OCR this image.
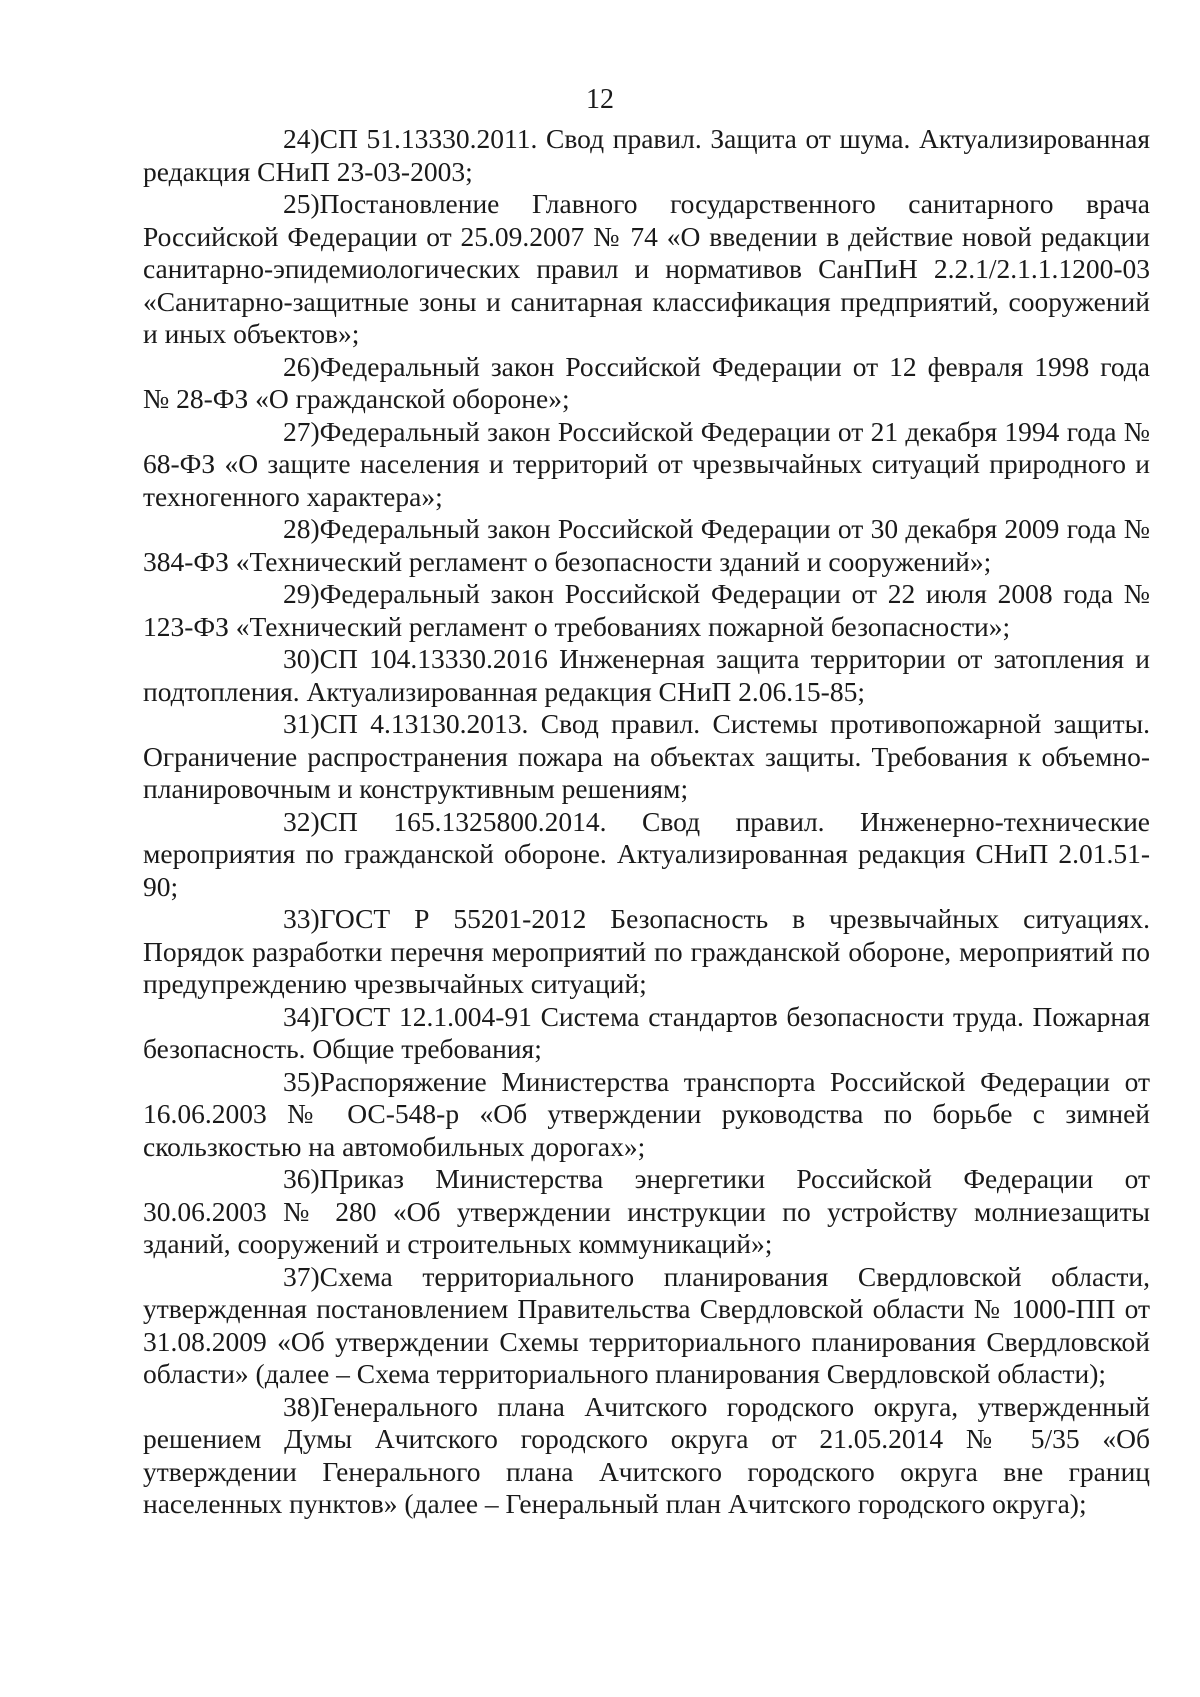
12

24)СП 51.13330.2011. Свод правил. Защита от шума. Актуализированная редакция СНиП 23-03-2003;

25)Постановление Главного государственного санитарного врача Российской Федерации от 25.09.2007 № 74 «О введении в действие новой редакции санитарно-эпидемиологических правил и нормативов СанПиН 2.2.1/2.1.1.1200-03 «Санитарно-защитные зоны и санитарная классификация предприятий, сооружений и иных объектов»;

26)Федеральный закон Российской Федерации от 12 февраля 1998 года № 28-ФЗ «О гражданской обороне»;

27)Федеральный закон Российской Федерации от 21 декабря 1994 года № 68-ФЗ «О защите населения и территорий от чрезвычайных ситуаций природного и техногенного характера»;

28)Федеральный закон Российской Федерации от 30 декабря 2009 года № 384-ФЗ «Технический регламент о безопасности зданий и сооружений»;

29)Федеральный закон Российской Федерации от 22 июля 2008 года № 123-ФЗ «Технический регламент о требованиях пожарной безопасности»;

30)СП 104.13330.2016 Инженерная защита территории от затопления и подтопления. Актуализированная редакция СНиП 2.06.15-85;

31)СП 4.13130.2013. Свод правил. Системы противопожарной защиты. Ограничение распространения пожара на объектах защиты. Требования к объемно-планировочным и конструктивным решениям;

32)СП 165.1325800.2014. Свод правил. Инженерно-технические мероприятия по гражданской обороне. Актуализированная редакция СНиП 2.01.51-90;

33)ГОСТ Р 55201-2012 Безопасность в чрезвычайных ситуациях. Порядок разработки перечня мероприятий по гражданской обороне, мероприятий по предупреждению чрезвычайных ситуаций;

34)ГОСТ 12.1.004-91 Система стандартов безопасности труда. Пожарная безопасность. Общие требования;

35)Распоряжение Министерства транспорта Российской Федерации от 16.06.2003 № ОС-548-р «Об утверждении руководства по борьбе с зимней скользкостью на автомобильных дорогах»;

36)Приказ Министерства энергетики Российской Федерации от 30.06.2003 № 280 «Об утверждении инструкции по устройству молниезащиты зданий, сооружений и строительных коммуникаций»;

37)Схема территориального планирования Свердловской области, утвержденная постановлением Правительства Свердловской области № 1000-ПП от 31.08.2009 «Об утверждении Схемы территориального планирования Свердловской области» (далее – Схема территориального планирования Свердловской области);

38)Генерального плана Ачитского городского округа, утвержденный решением Думы Ачитского городского округа от 21.05.2014 № 5/35 «Об утверждении Генерального плана Ачитского городского округа вне границ населенных пунктов» (далее – Генеральный план Ачитского городского округа);
